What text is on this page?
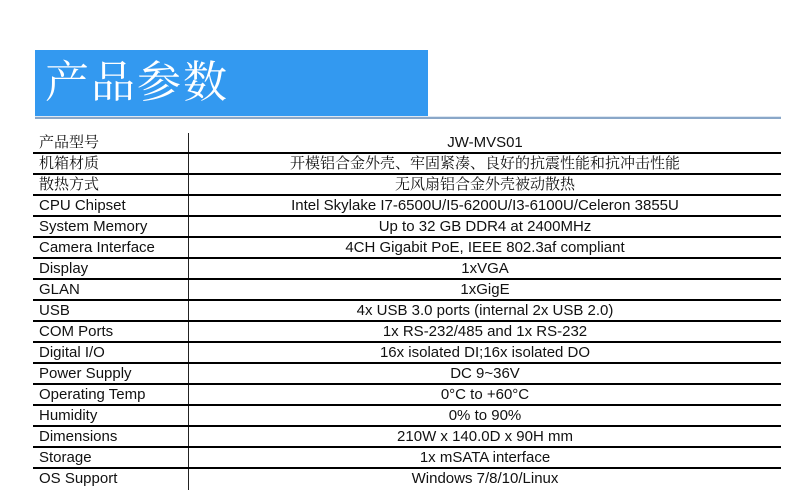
产品参数
产品型号	JW-MVS01
机箱材质	开模铝合金外壳、牢固紧凑、良好的抗震性能和抗冲击性能
散热方式	无风扇铝合金外壳被动散热
CPU Chipset	Intel Skylake I7-6500U/I5-6200U/I3-6100U/Celeron 3855U
System Memory	Up to 32 GB DDR4 at 2400MHz
Camera Interface	4CH Gigabit PoE, IEEE 802.3af compliant
Display	1xVGA
GLAN	1xGigE
USB	4x USB 3.0 ports (internal 2x USB 2.0)
COM Ports	1x RS-232/485 and 1x RS-232
Digital I/O	16x isolated DI;16x isolated DO
Power Supply	DC 9~36V
Operating Temp	0°C to +60°C
Humidity	0% to 90%
Dimensions	210W x 140.0D x 90H mm
Storage	1x mSATA interface
OS Support	Windows 7/8/10/Linux
